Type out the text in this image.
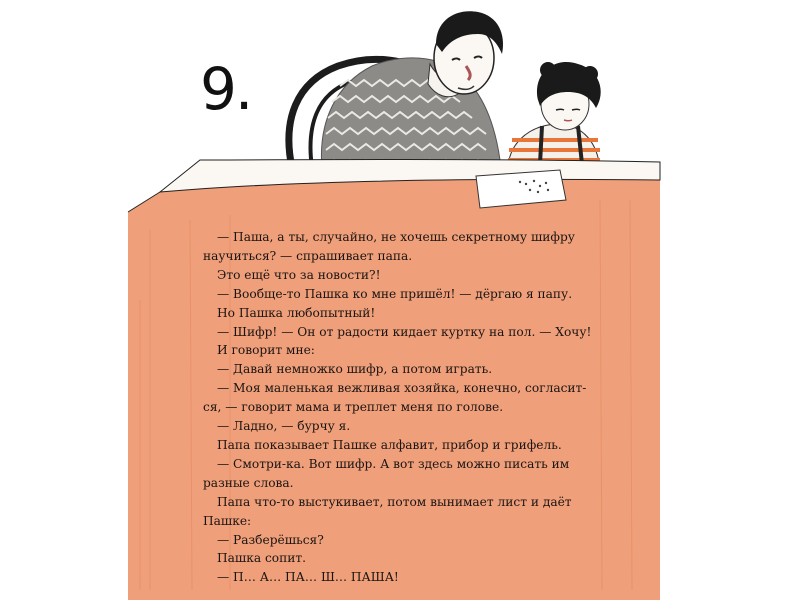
9.

— Паша, а ты, случайно, не хочешь секретному шифру

научиться? — спрашивает папа.

Это ещё что за новости?!

— Вообще-то Пашка ко мне пришёл! — дёргаю я папу.

Но Пашка любопытный!

— Шифр! — Он от радости кидает куртку на пол. — Хочу!

И говорит мне:

— Давай немножко шифр, а потом играть.

— Моя маленькая вежливая хозяйка, конечно, согласит-

ся, — говорит мама и треплет меня по голове.

— Ладно, — бурчу я.

Папа показывает Пашке алфавит, прибор и грифель.

— Смотри-ка. Вот шифр. А вот здесь можно писать им

разные слова.

Папа что-то выстукивает, потом вынимает лист и даёт

Пашке:

— Разберёшься?

Пашка сопит.

— П… А… ПА… Ш… ПАША!
